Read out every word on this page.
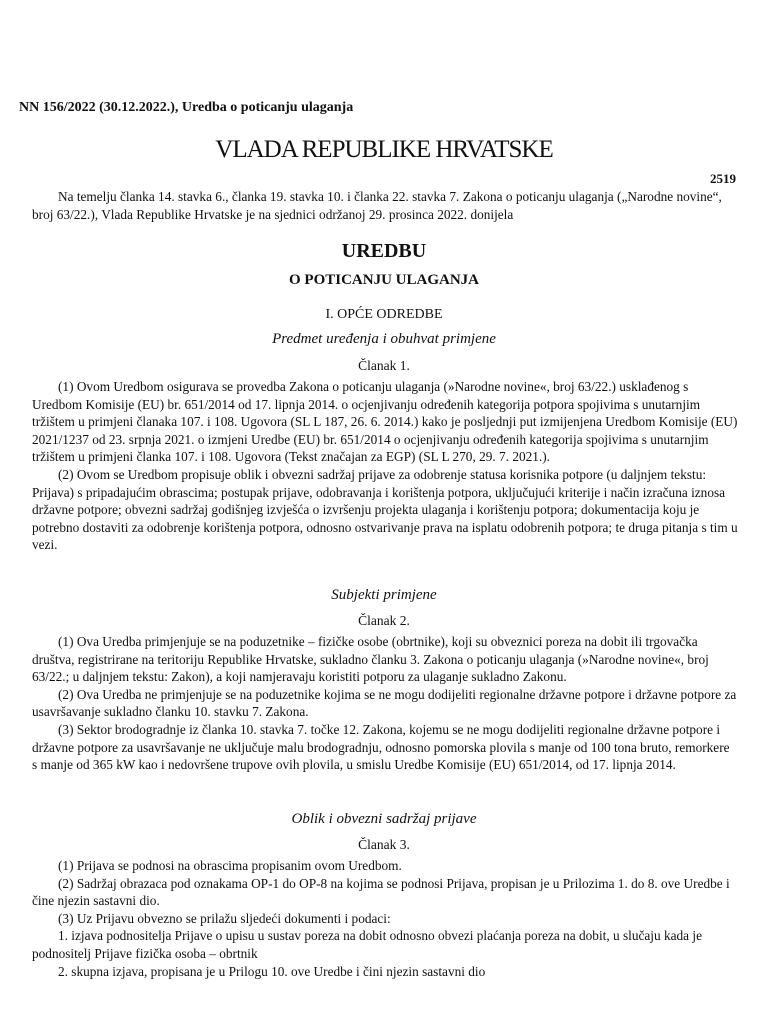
NN 156/2022 (30.12.2022.), Uredba o poticanju ulaganja
VLADA REPUBLIKE HRVATSKE
2519

Na temelju članka 14. stavka 6., članka 19. stavka 10. i članka 22. stavka 7. Zakona o poticanju ulaganja („Narodne novine“, broj 63/22.), Vlada Republike Hrvatske je na sjednici održanoj 29. prosinca 2022. donijela

UREDBU
O POTICANJU ULAGANJA
I. OPĆE ODREDBE
Predmet uređenja i obuhvat primjene
Članak 1.

(1) Ovom Uredbom osigurava se provedba Zakona o poticanju ulaganja (»Narodne novine«, broj 63/22.) usklađenog s Uredbom Komisije (EU) br. 651/2014 od 17. lipnja 2014. o ocjenjivanju određenih kategorija potpora spojivima s unutarnjim tržištem u primjeni članaka 107. i 108. Ugovora (SL L 187, 26. 6. 2014.) kako je posljednji put izmijenjena Uredbom Komisije (EU) 2021/1237 od 23. srpnja 2021. o izmjeni Uredbe (EU) br. 651/2014 o ocjenjivanju određenih kategorija spojivima s unutarnjim tržištem u primjeni članka 107. i 108. Ugovora (Tekst značajan za EGP) (SL L 270, 29. 7. 2021.).

(2) Ovom se Uredbom propisuje oblik i obvezni sadržaj prijave za odobrenje statusa korisnika potpore (u daljnjem tekstu: Prijava) s pripadajućim obrascima; postupak prijave, odobravanja i korištenja potpora, uključujući kriterije i način izračuna iznosa državne potpore; obvezni sadržaj godišnjeg izvješća o izvršenju projekta ulaganja i korištenju potpora; dokumentacija koju je potrebno dostaviti za odobrenje korištenja potpora, odnosno ostvarivanje prava na isplatu odobrenih potpora; te druga pitanja s tim u vezi.

Subjekti primjene
Članak 2.

(1) Ova Uredba primjenjuje se na poduzetnike – fizičke osobe (obrtnike), koji su obveznici poreza na dobit ili trgovačka društva, registrirane na teritoriju Republike Hrvatske, sukladno članku 3. Zakona o poticanju ulaganja (»Narodne novine«, broj 63/22.; u daljnjem tekstu: Zakon), a koji namjeravaju koristiti potporu za ulaganje sukladno Zakonu.

(2) Ova Uredba ne primjenjuje se na poduzetnike kojima se ne mogu dodijeliti regionalne državne potpore i državne potpore za usavršavanje sukladno članku 10. stavku 7. Zakona.

(3) Sektor brodogradnje iz članka 10. stavka 7. točke 12. Zakona, kojemu se ne mogu dodijeliti regionalne državne potpore i državne potpore za usavršavanje ne uključuje malu brodogradnju, odnosno pomorska plovila s manje od 100 tona bruto, remorkere s manje od 365 kW kao i nedovršene trupove ovih plovila, u smislu Uredbe Komisije (EU) 651/2014, od 17. lipnja 2014.

Oblik i obvezni sadržaj prijave
Članak 3.

(1) Prijava se podnosi na obrascima propisanim ovom Uredbom.

(2) Sadržaj obrazaca pod oznakama OP-1 do OP-8 na kojima se podnosi Prijava, propisan je u Prilozima 1. do 8. ove Uredbe i čine njezin sastavni dio.

(3) Uz Prijavu obvezno se prilažu sljedeći dokumenti i podaci:

1. izjava podnositelja Prijave o upisu u sustav poreza na dobit odnosno obvezi plaćanja poreza na dobit, u slučaju kada je podnositelj Prijave fizička osoba – obrtnik

2. skupna izjava, propisana je u Prilogu 10. ove Uredbe i čini njezin sastavni dio
